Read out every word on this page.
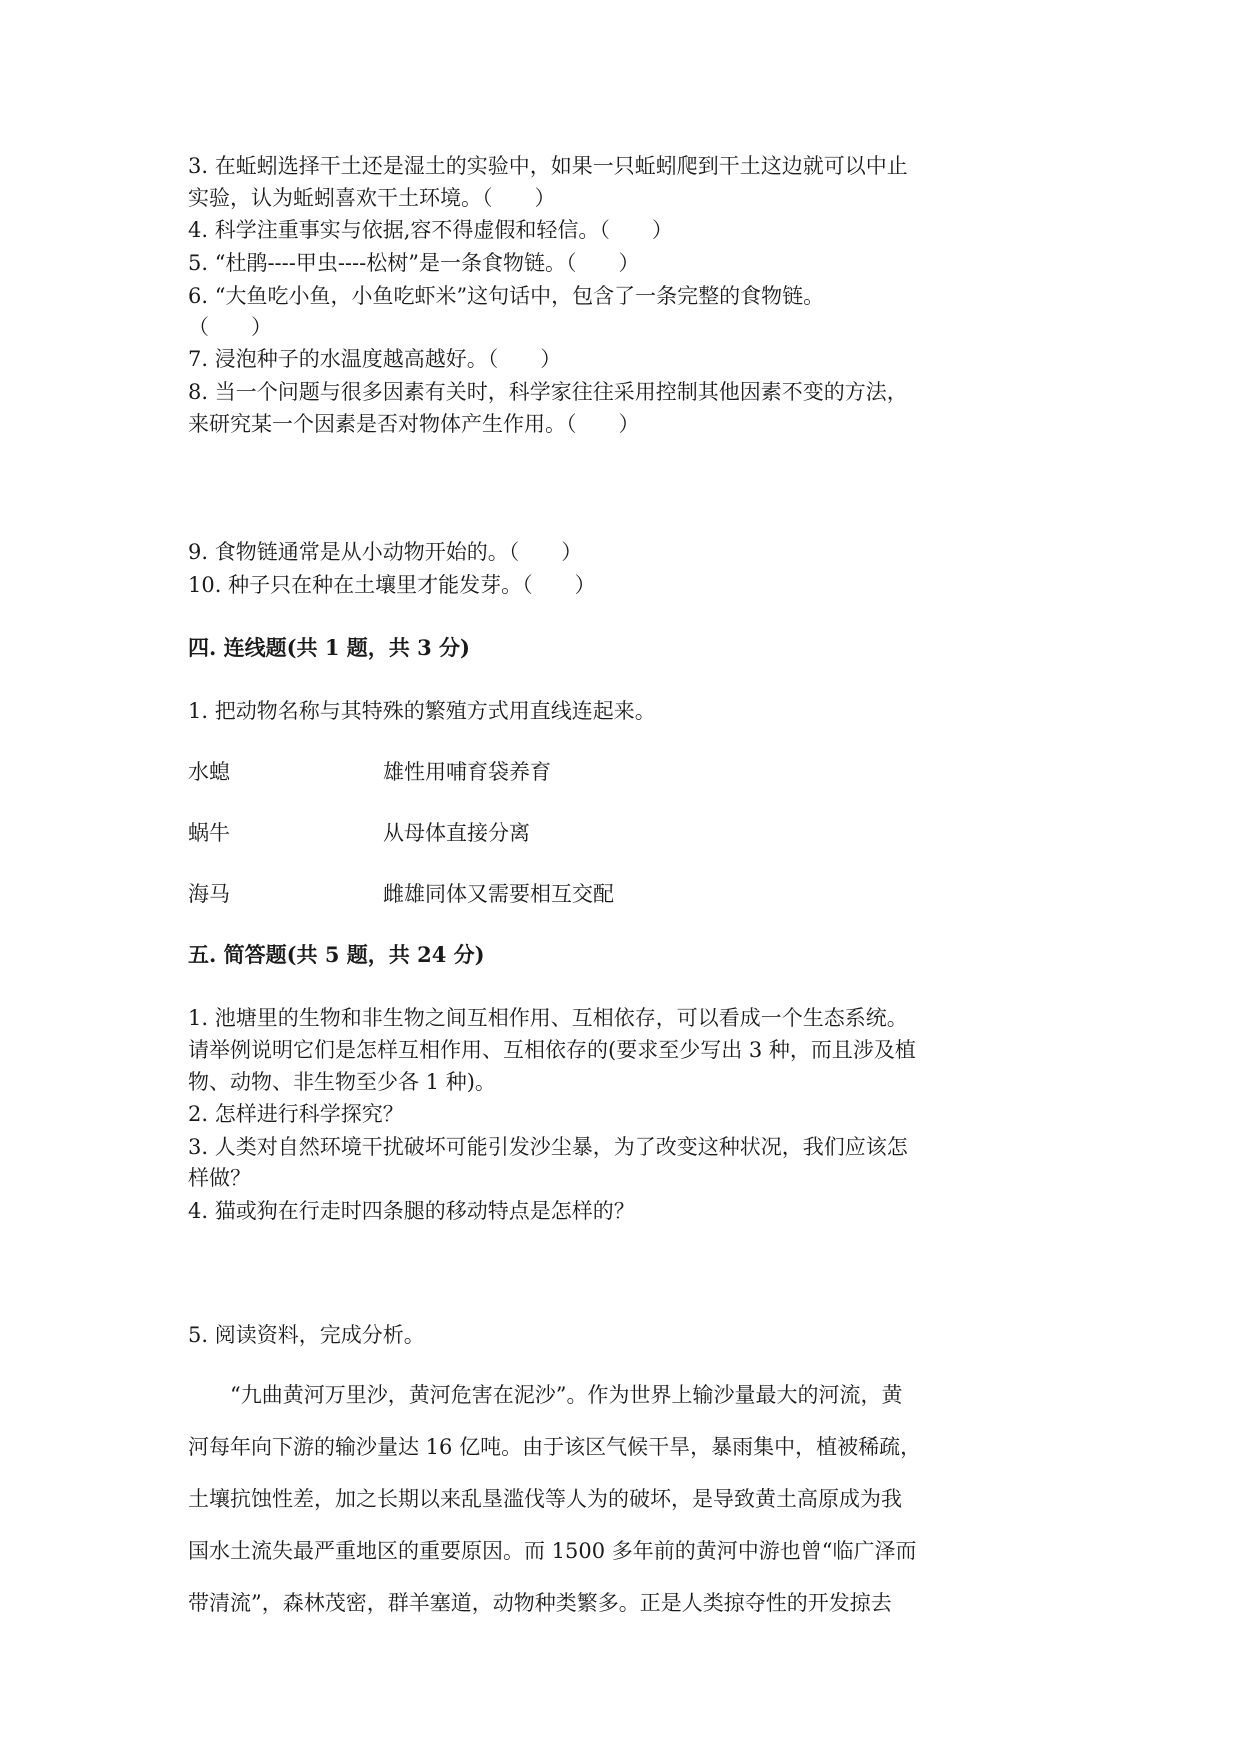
3. 在蚯蚓选择干土还是湿土的实验中，如果一只蚯蚓爬到干土这边就可以中止
实验，认为蚯蚓喜欢干土环境。（　　）
4. 科学注重事实与依据,容不得虚假和轻信。（　　）
5. “杜鹃----甲虫----松树”是一条食物链。（　　）
6. “大鱼吃小鱼，小鱼吃虾米”这句话中，包含了一条完整的食物链。
（　　）
7. 浸泡种子的水温度越高越好。（　　）
8. 当一个问题与很多因素有关时，科学家往往采用控制其他因素不变的方法，
来研究某一个因素是否对物体产生作用。（　　）
9. 食物链通常是从小动物开始的。（　　）
10. 种子只在种在土壤里才能发芽。（　　）
四. 连线题(共 1 题，共 3 分)
1. 把动物名称与其特殊的繁殖方式用直线连起来。
水螅	雄性用哺育袋养育
蜗牛	从母体直接分离
海马	雌雄同体又需要相互交配
五. 简答题(共 5 题，共 24 分)
1. 池塘里的生物和非生物之间互相作用、互相依存，可以看成一个生态系统。
请举例说明它们是怎样互相作用、互相依存的(要求至少写出 3 种，而且涉及植
物、动物、非生物至少各 1 种)。
2. 怎样进行科学探究？
3. 人类对自然环境干扰破坏可能引发沙尘暴，为了改变这种状况，我们应该怎
样做？
4. 猫或狗在行走时四条腿的移动特点是怎样的？
5. 阅读资料，完成分析。
　　“九曲黄河万里沙，黄河危害在泥沙”。作为世界上输沙量最大的河流，黄
河每年向下游的输沙量达 16 亿吨。由于该区气候干旱，暴雨集中，植被稀疏，
土壤抗蚀性差，加之长期以来乱垦滥伐等人为的破坏，是导致黄土高原成为我
国水土流失最严重地区的重要原因。而 1500 多年前的黄河中游也曾“临广泽而
带清流”，森林茂密，群羊塞道，动物种类繁多。正是人类掠夺性的开发掠去
